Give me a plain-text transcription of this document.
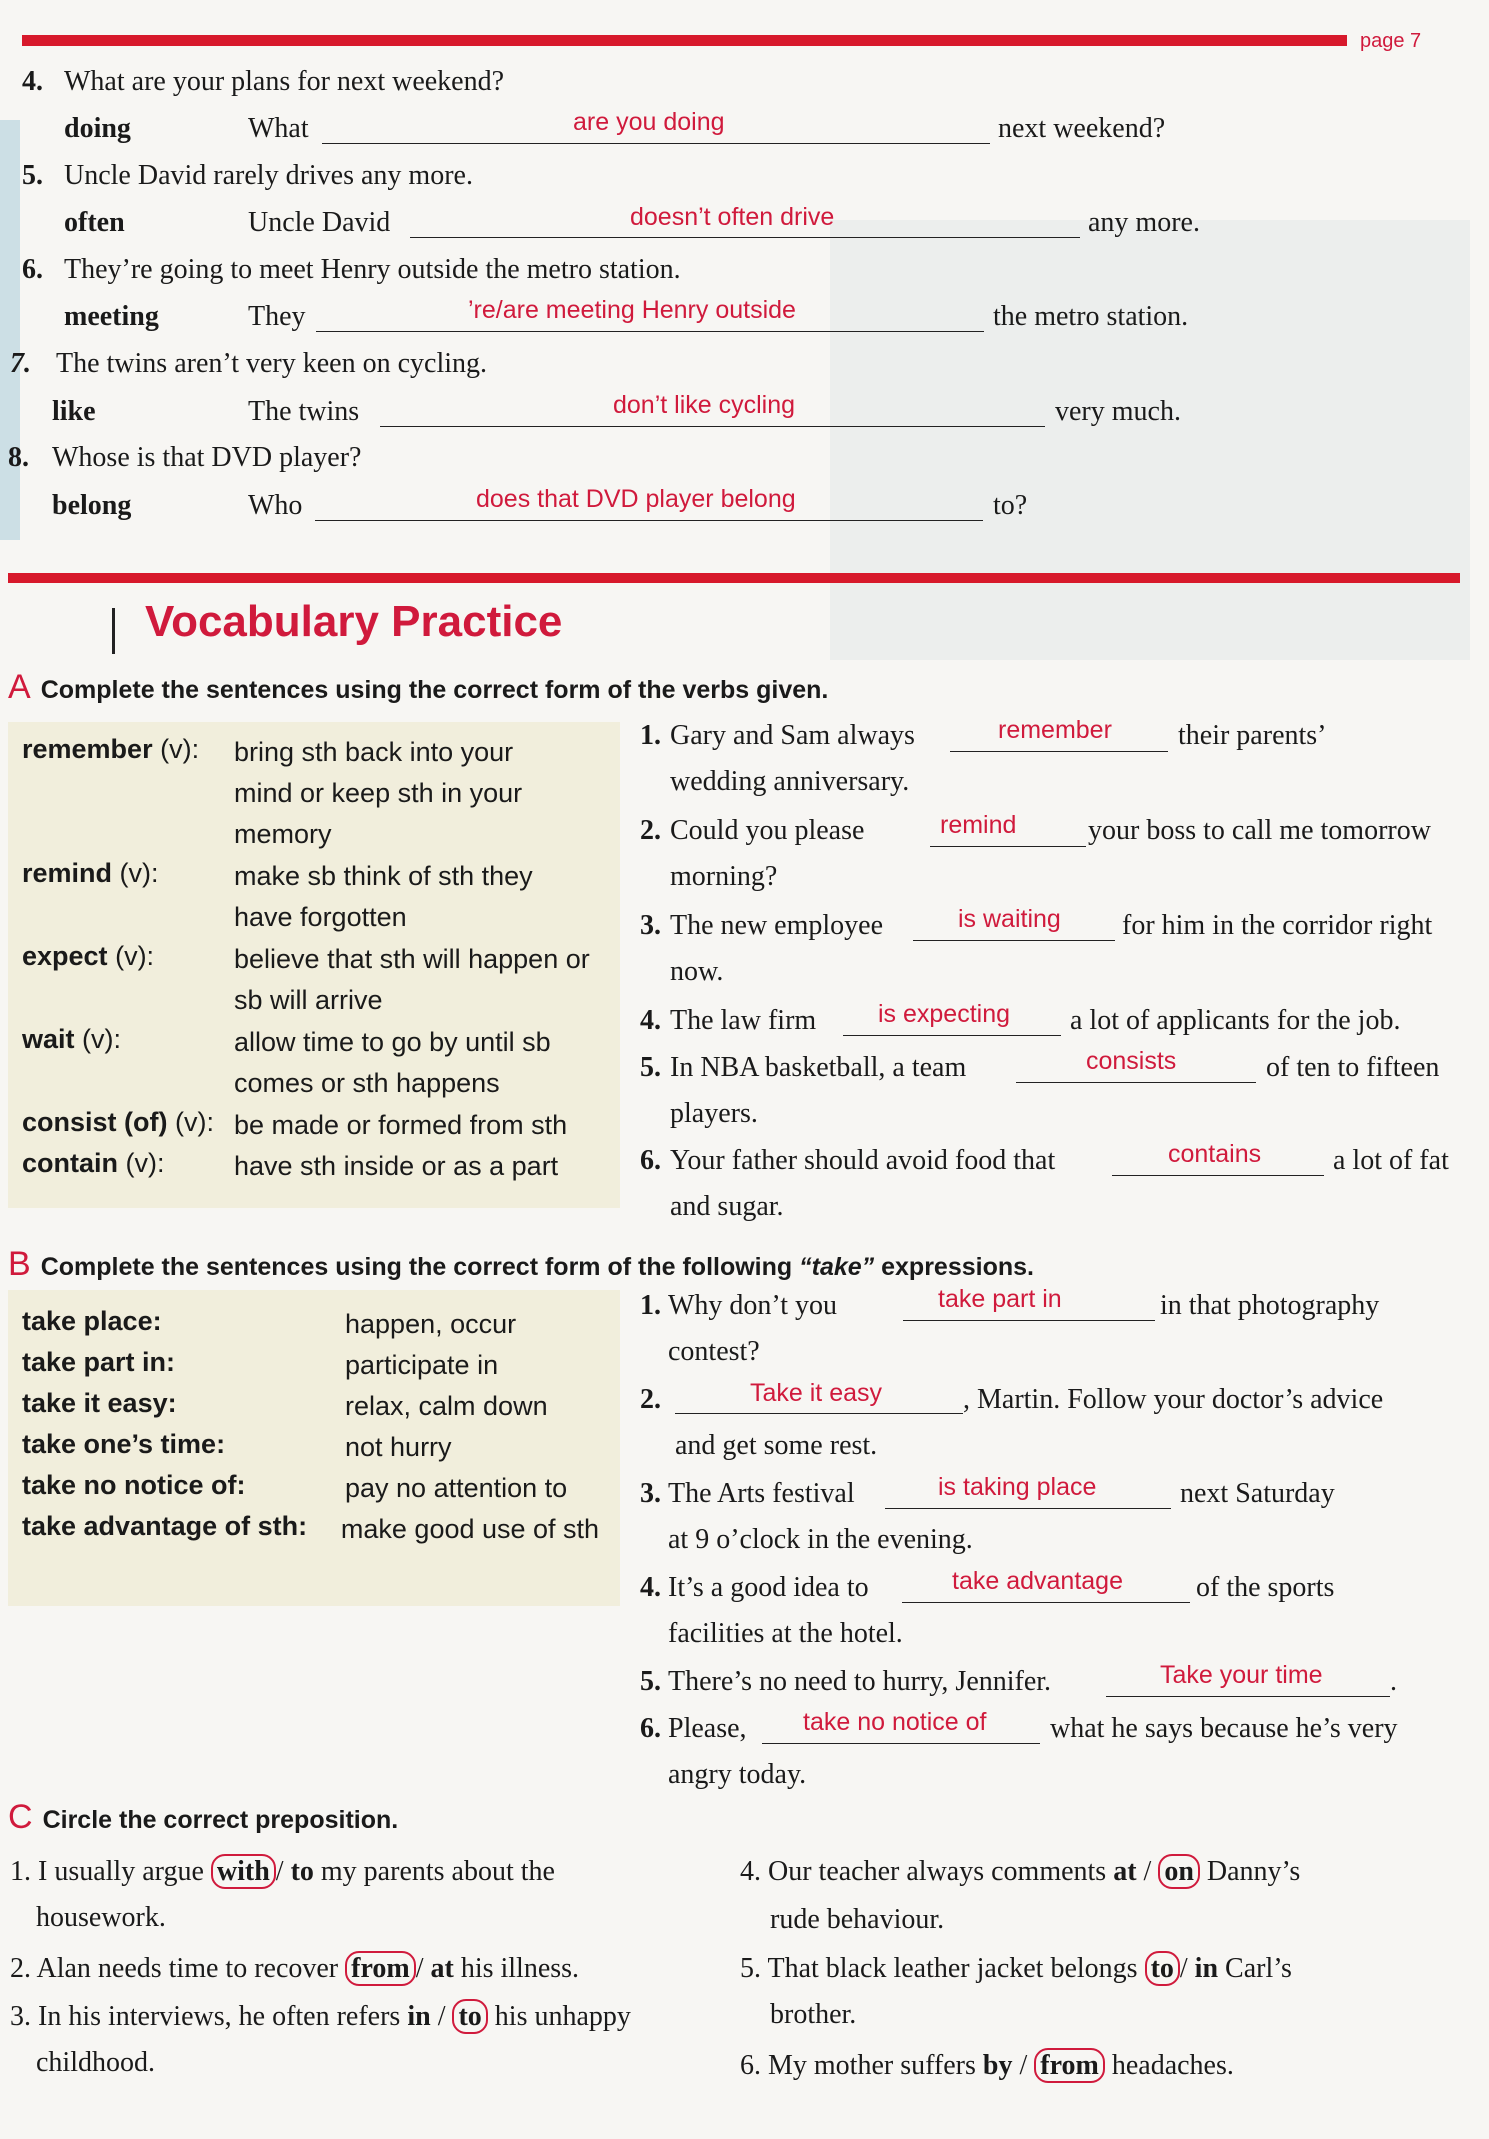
page 7
4. What are your plans for next weekend?
doing	What	are you doing	next weekend?
5. Uncle David rarely drives any more.
often	Uncle David	doesn’t often drive	any more.
6. They’re going to meet Henry outside the metro station.
meeting	They	’re/are meeting Henry outside	the metro station.
7. The twins aren’t very keen on cycling.
like	The twins	don’t like cycling	very much.
8. Whose is that DVD player?
belong	Who	does that DVD player belong	to?
Vocabulary Practice
A Complete the sentences using the correct form of the verbs given.
remember (v): bring sth back into your mind or keep sth in your memory
remind (v):	make sb think of sth they have forgotten
expect (v):	believe that sth will happen or sb will arrive
wait (v):	allow time to go by until sb comes or sth happens
consist (of) (v): be made or formed from sth
contain (v):	have sth inside or as a part
1. Gary and Sam always	remember their parents’
wedding anniversary.
2. Could you please	remind	your boss to call me tomorrow
morning?
3. The new employee	is waiting for him in the corridor right
now.
4. The law firm is expecting a lot of applicants for the job.
5. In NBA basketball, a team	consists	of ten to fifteen
players.
6. Your father should avoid food that	contains	a lot of fat
and sugar.
B Complete the sentences using the correct form of the following “take” expressions.
take place:	happen, occur
take part in:	participate in
take it easy:	relax, calm down
take one’s time:	not hurry
take no notice of:	pay no attention to
take advantage of sth: make good use of sth
1. Why don’t you	take part in	in that photography
contest?
2.	Take it easy	, Martin. Follow your doctor’s advice
and get some rest.
3. The Arts festival	is taking place	next Saturday
at 9 o’clock in the evening.
4. It’s a good idea to	take advantage	of the sports
facilities at the hotel.
5. There’s no need to hurry, Jennifer.	Take your time .
6. Please, take no notice of what he says because he’s very
angry today.
C Circle the correct preposition.
1. I usually argue with / to my parents about the
housework.
2. Alan needs time to recover from / at his illness.
3. In his interviews, he often refers in / to his unhappy
childhood.
4. Our teacher always comments at / on Danny’s
rude behaviour.
5. That black leather jacket belongs to / in Carl’s
brother.
6. My mother suffers by / from headaches.
